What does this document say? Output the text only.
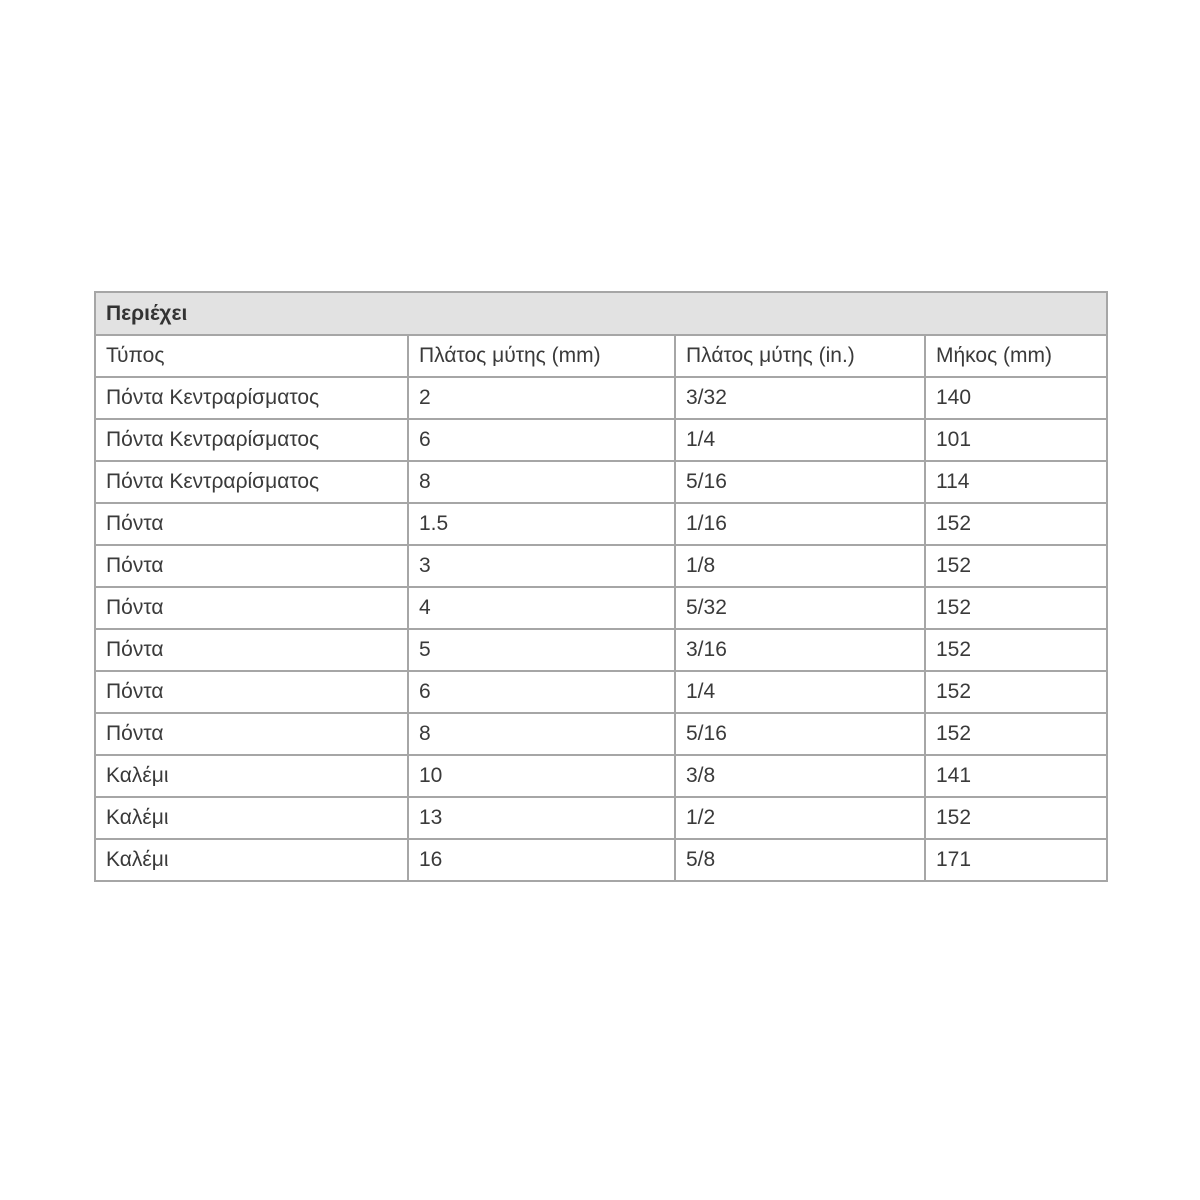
Περιέχει			
Τύπος	Πλάτος μύτης (mm)	Πλάτος μύτης (in.)	Μήκος (mm)
Πόντα Κεντραρίσματος	2	3/32	140
Πόντα Κεντραρίσματος	6	1/4	101
Πόντα Κεντραρίσματος	8	5/16	114
Πόντα	1.5	1/16	152
Πόντα	3	1/8	152
Πόντα	4	5/32	152
Πόντα	5	3/16	152
Πόντα	6	1/4	152
Πόντα	8	5/16	152
Καλέμι	10	3/8	141
Καλέμι	13	1/2	152
Καλέμι	16	5/8	171
